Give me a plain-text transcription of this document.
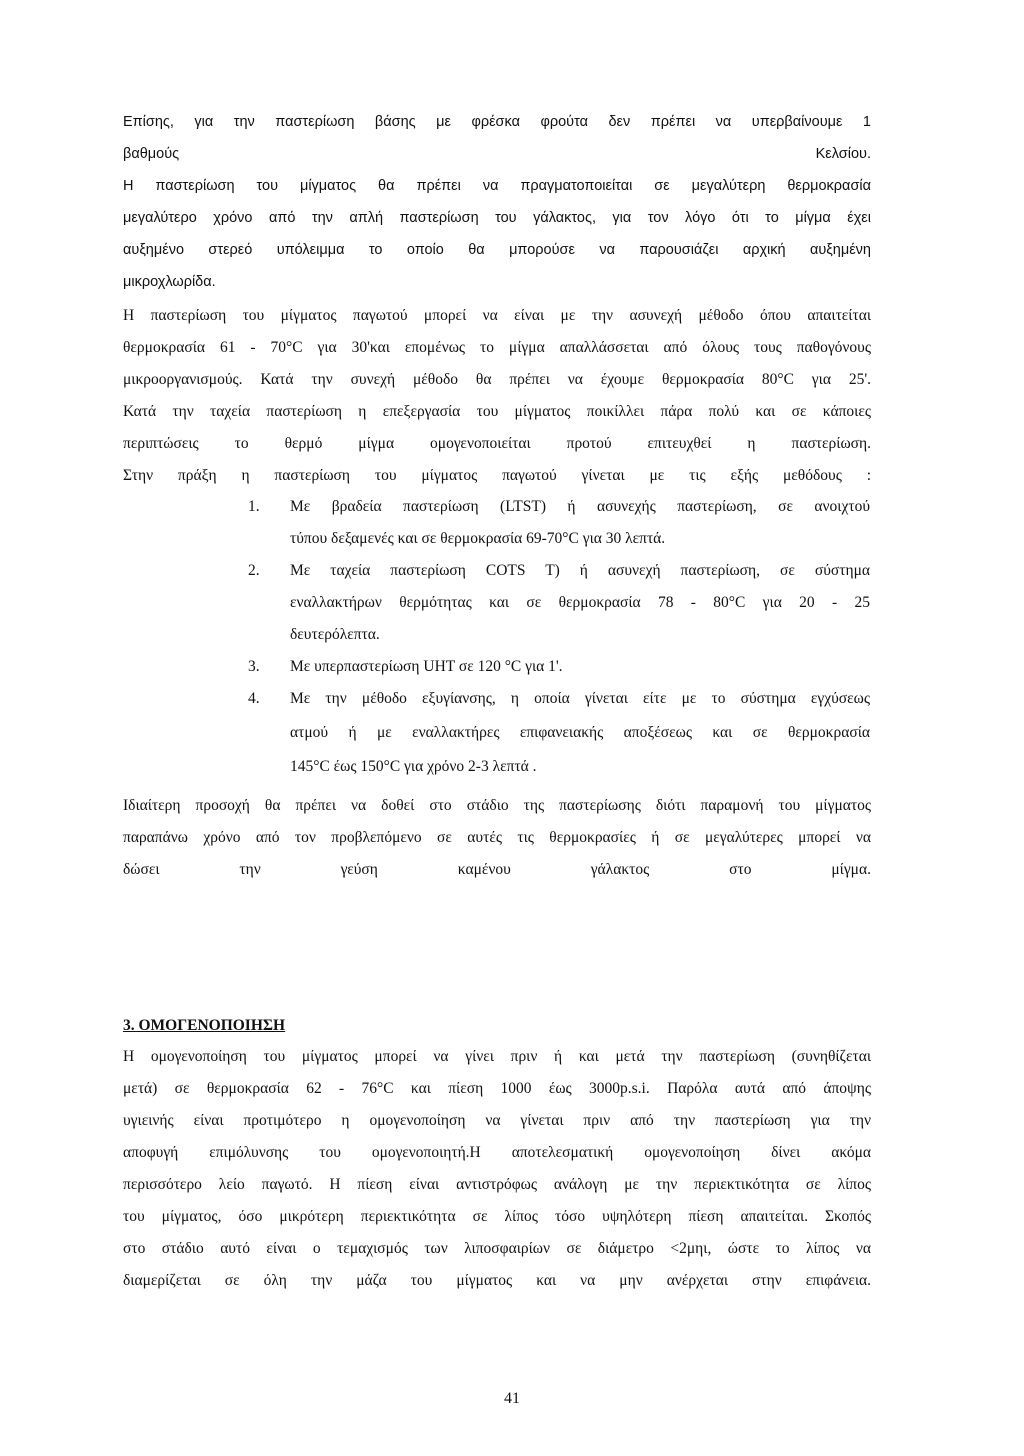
Επίσης, για την παστερίωση βάσης με φρέσκα φρούτα δεν πρέπει να υπερβαίνουμε 1
βαθμούς Κελσίου.
Η παστερίωση του μίγματος θα πρέπει να πραγματοποιείται σε μεγαλύτερη θερμοκρασία
μεγαλύτερο χρόνο από την απλή παστερίωση του γάλακτος, για τον λόγο ότι το μίγμα έχει
αυξημένο στερεό υπόλειμμα το οποίο θα μπορούσε να παρουσιάζει αρχική αυξημένη
μικροχλωρίδα.
Η παστερίωση του μίγματος παγωτού μπορεί να είναι με την ασυνεχή μέθοδο όπου απαιτείται
θερμοκρασία 61 - 70°C για 30'και επομένως το μίγμα απαλλάσσεται από όλους τους παθογόνους
μικροοργανισμούς. Κατά την συνεχή μέθοδο θα πρέπει να έχουμε θερμοκρασία 80°C για 25'.
Κατά την ταχεία παστερίωση η επεξεργασία του μίγματος ποικίλλει πάρα πολύ και σε κάποιες
περιπτώσεις το θερμό μίγμα ομογενοποιείται προτού επιτευχθεί η παστερίωση.
Στην πράξη η παστερίωση του μίγματος παγωτού γίνεται με τις εξής μεθόδους :
1.	Με βραδεία παστερίωση (LTST) ή ασυνεχής παστερίωση, σε ανοιχτού
τύπου δεξαμενές και σε θερμοκρασία 69-70°C για 30 λεπτά.
2.	Με ταχεία παστερίωση COTS T) ή ασυνεχή παστερίωση, σε σύστημα
εναλλακτήρων θερμότητας και σε θερμοκρασία 78 - 80°C για 20 - 25
δευτερόλεπτα.
3.	Με υπερπαστερίωση UHT σε 120 °C για 1'.
4.	Με την μέθοδο εξυγίανσης, η οποία γίνεται είτε με το σύστημα εγχύσεως
ατμού ή με εναλλακτήρες επιφανειακής αποξέσεως και σε θερμοκρασία
145°C έως 150°C για χρόνο 2-3 λεπτά .
Ιδιαίτερη προσοχή θα πρέπει να δοθεί στο στάδιο της παστερίωσης διότι παραμονή του μίγματος
παραπάνω χρόνο από τον προβλεπόμενο σε αυτές τις θερμοκρασίες ή σε μεγαλύτερες μπορεί να
δώσει την γεύση καμένου γάλακτος στο μίγμα.
3. ΟΜΟΓΕΝΟΠΟΙΗΣΗ
Η ομογενοποίηση του μίγματος μπορεί να γίνει πριν ή και μετά την παστερίωση (συνηθίζεται
μετά) σε θερμοκρασία 62 - 76°C και πίεση 1000 έως 3000p.s.i. Παρόλα αυτά από άποψης
υγιεινής είναι προτιμότερο η ομογενοποίηση να γίνεται πριν από την παστερίωση για την
αποφυγή επιμόλυνσης του ομογενοποιητή.Η αποτελεσματική ομογενοποίηση δίνει ακόμα
περισσότερο λείο παγωτό. Η πίεση είναι αντιστρόφως ανάλογη με την περιεκτικότητα σε λίπος
του μίγματος, όσο μικρότερη περιεκτικότητα σε λίπος τόσο υψηλότερη πίεση απαιτείται. Σκοπός
στο στάδιο αυτό είναι ο τεμαχισμός των λιποσφαιρίων σε διάμετρο <2μηι, ώστε το λίπος να
διαμερίζεται σε όλη την μάζα του μίγματος και να μην ανέρχεται στην επιφάνεια.
41
